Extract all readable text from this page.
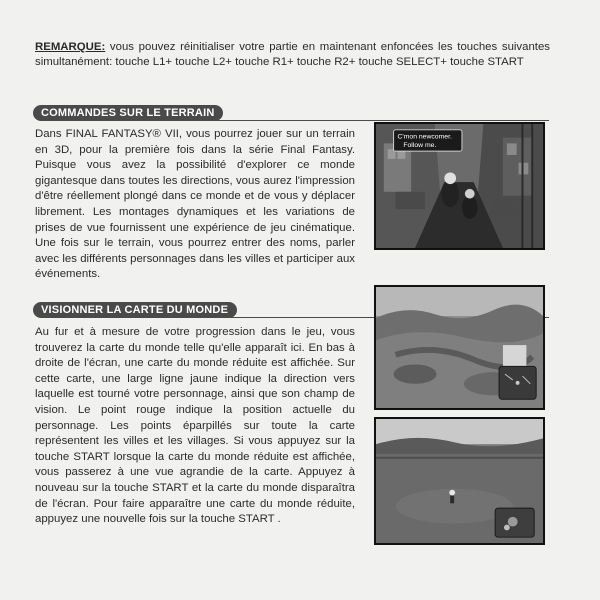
REMARQUE: vous pouvez réinitialiser votre partie en maintenant enfoncées les touches suivantes simultanément: touche L1+ touche L2+ touche R1+ touche R2+ touche SELECT+ touche START

COMMANDES SUR LE TERRAIN

Dans FINAL FANTASY® VII, vous pourrez jouer sur un terrain en 3D, pour la première fois dans la série Final Fantasy. Puisque vous avez la possibilité d'explorer ce monde gigantesque dans toutes les directions, vous aurez l'impression d'être réellement plongé dans ce monde et de vous y déplacer librement. Les montages dynamiques et les variations de prises de vue fournissent une expérience de jeu cinématique. Une fois sur le terrain, vous pourrez entrer des noms, parler avec les différents personnages dans les villes et participer aux événements.

VISIONNER LA CARTE DU MONDE

Au fur et à mesure de votre progression dans le jeu, vous trouverez la carte du monde telle qu'elle apparaît ici. En bas à droite de l'écran, une carte du monde réduite est affichée. Sur cette carte, une large ligne jaune indique la direction vers laquelle est tourné votre personnage, ainsi que son champ de vision. Le point rouge indique la position actuelle du personnage. Les points éparpillés sur toute la carte représentent les villes et les villages. Si vous appuyez sur la touche START lorsque la carte du monde réduite est affichée, vous passerez à une vue agrandie de la carte. Appuyez à nouveau sur la touche START et la carte du monde disparaîtra de l'écran. Pour faire apparaître une carte du monde réduite, appuyez une nouvelle fois sur la touche START .

C'mon newcomer.
Follow me.
